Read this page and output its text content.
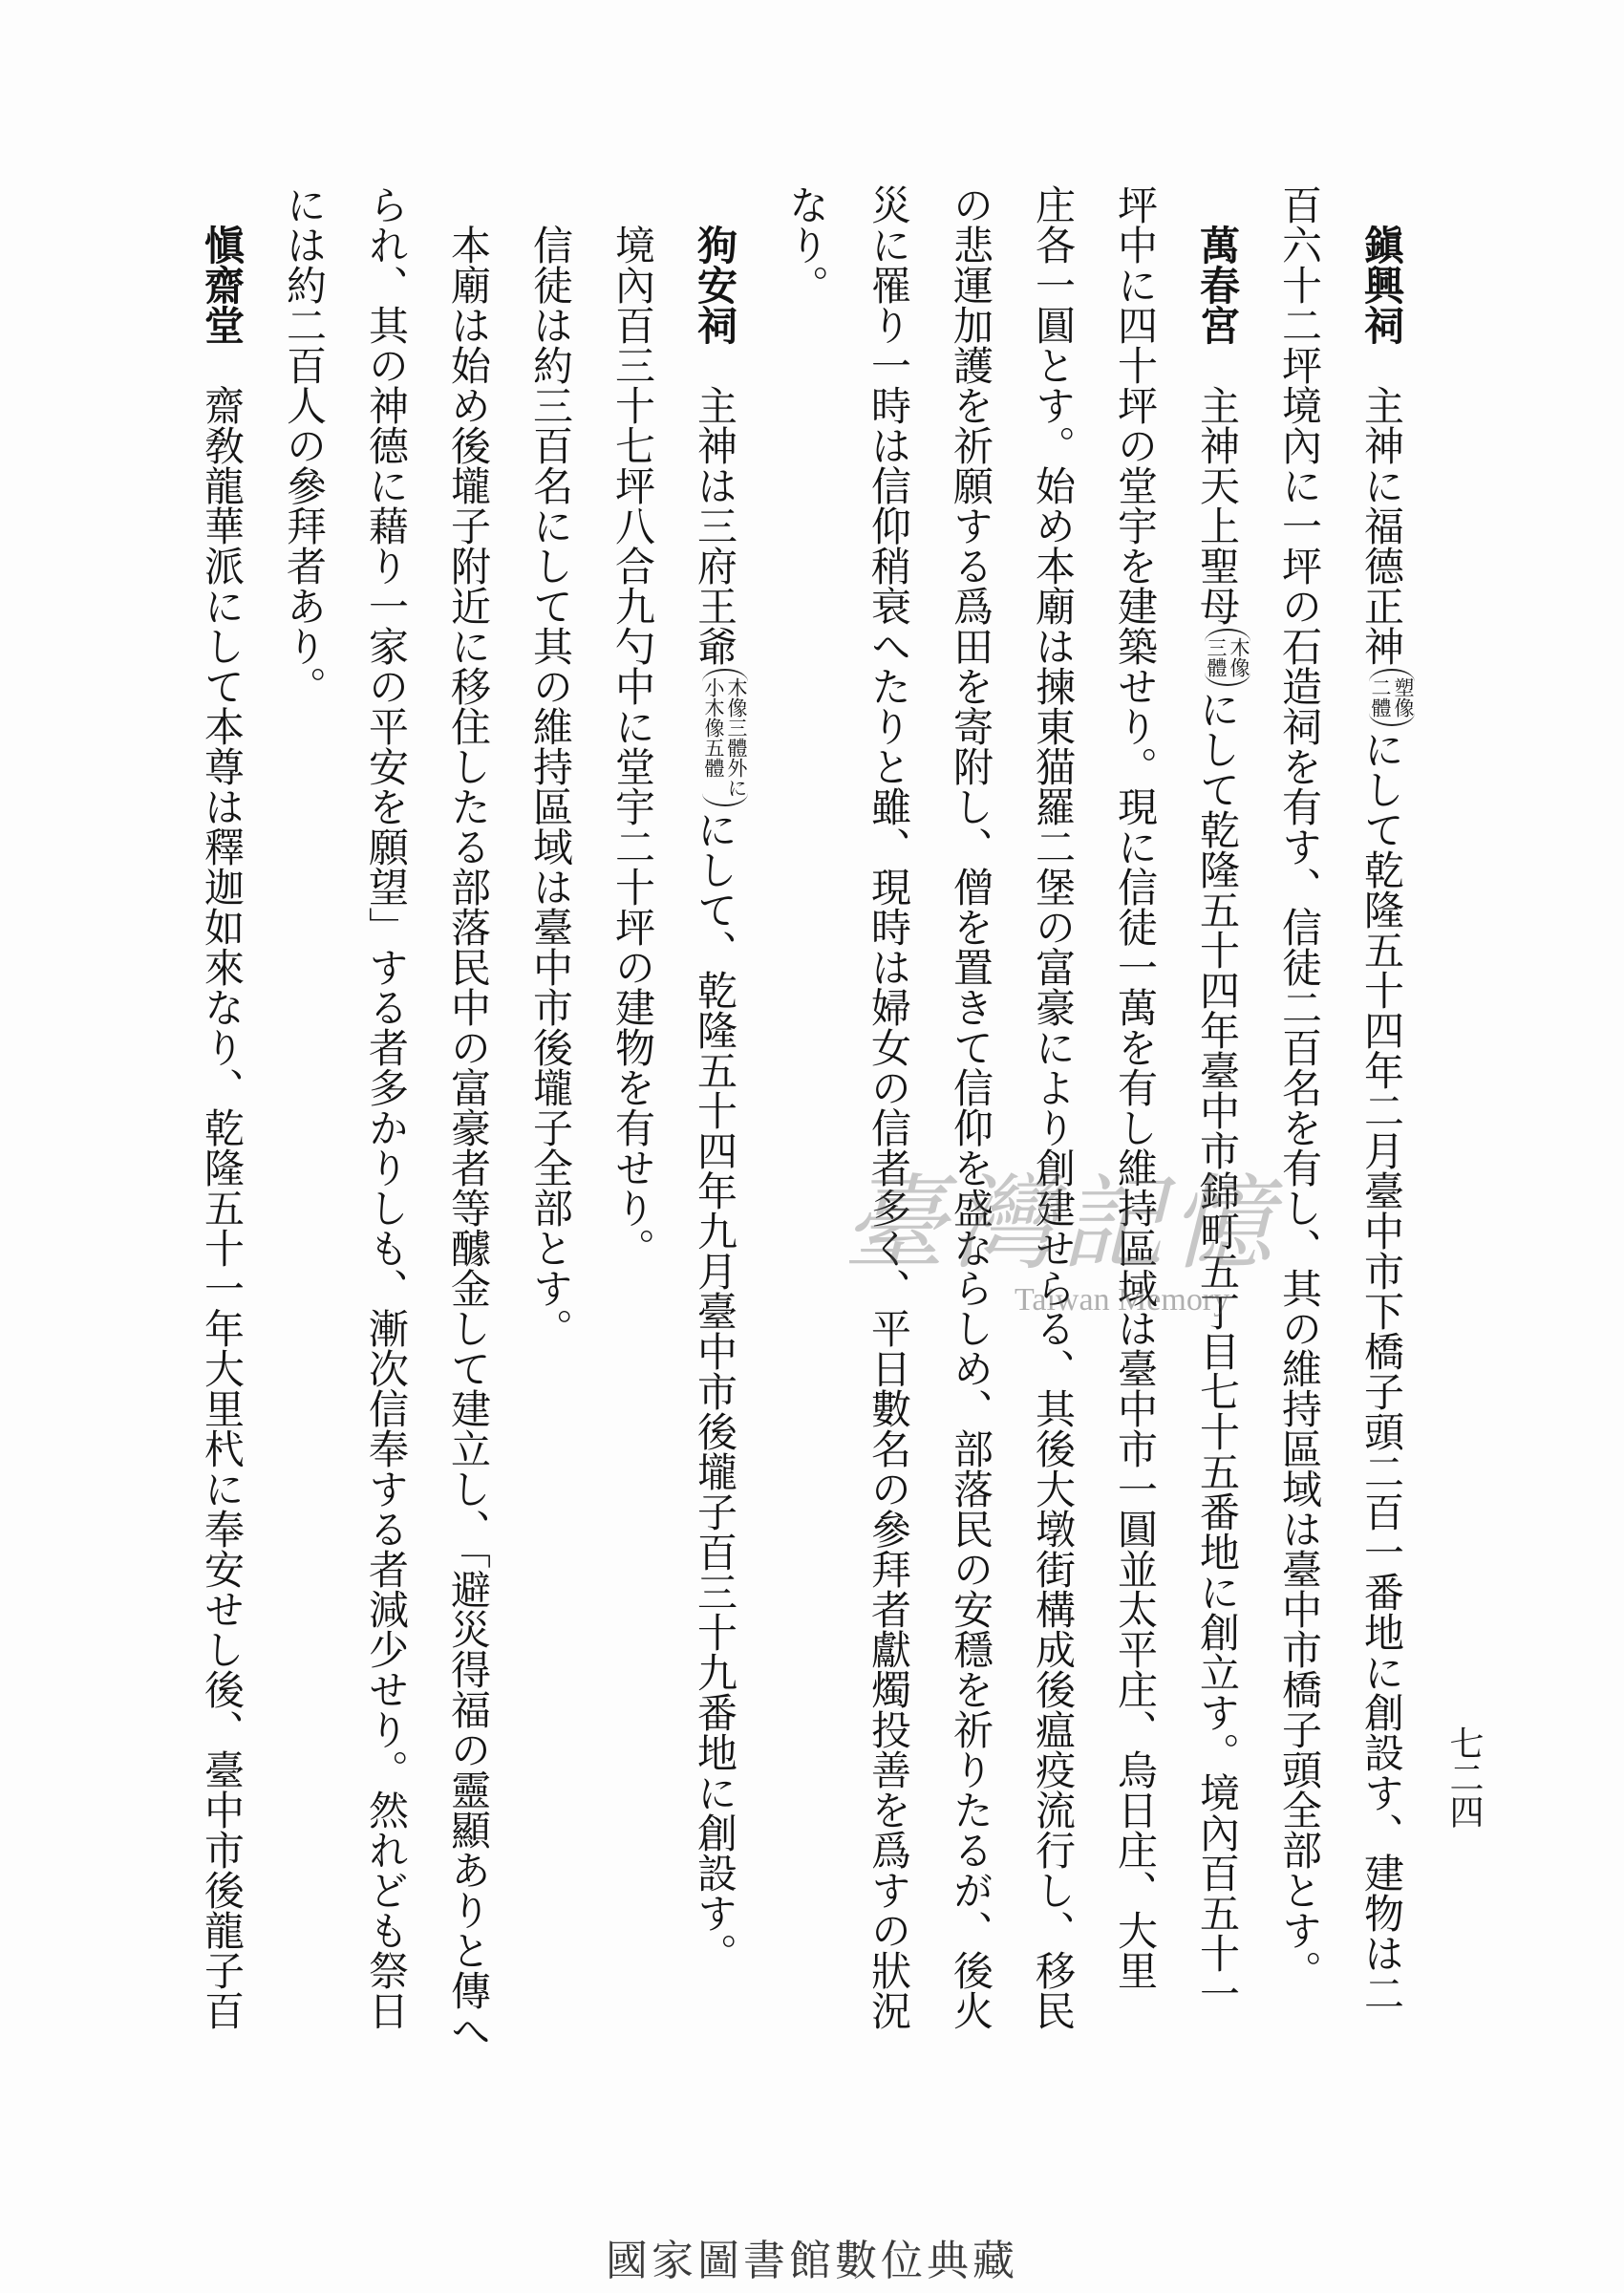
七二四
鎭興祠主神に福德正神
塑像
二體
にして乾隆五十四年二月臺中市下橋子頭二百一番地に創設す、建物は二
百六十二坪境內に一坪の石造祠を有す、信徒二百名を有し、其の維持區域は臺中市橋子頭全部とす。
萬春宮主神天上聖母
木像
三體
にして乾隆五十四年臺中市錦町五丁目七十五番地に創立す。境內百五十一
坪中に四十坪の堂宇を建築せり。現に信徒一萬を有し維持區域は臺中市一圓並太平庄、烏日庄、大里
庄各一圓とす。始め本廟は揀東猫羅二堡の富豪により創建せらる、其後大墩街構成後瘟疫流行し、移民
の悲運加護を祈願する爲田を寄附し、僧を置きて信仰を盛ならしめ、部落民の安穩を祈りたるが、後火
災に罹り一時は信仰稍衰へたりと雖、現時は婦女の信者多く、平日數名の參拜者獻燭投善を爲すの狀況
なり。
狗安祠主神は三府王爺
木像三體外に
小木像五體
にして、乾隆五十四年九月臺中市後壠子百三十九番地に創設す。
境內百三十七坪八合九勺中に堂宇二十坪の建物を有せり。
信徒は約三百名にして其の維持區域は臺中市後壠子全部とす。
本廟は始め後壠子附近に移住したる部落民中の富豪者等醵金して建立し、「避災得福の靈顯ありと傳へ
られ、其の神德に藉り一家の平安を願望」する者多かりしも、漸次信奉する者減少せり。然れども祭日
には約二百人の參拜者あり。
愼齋堂齋敎龍華派にして本尊は釋迦如來なり、乾隆五十一年大里杙に奉安せし後、臺中市後龍子百	臺灣記憶
Taiwan Memory
國家圖書館數位典藏
